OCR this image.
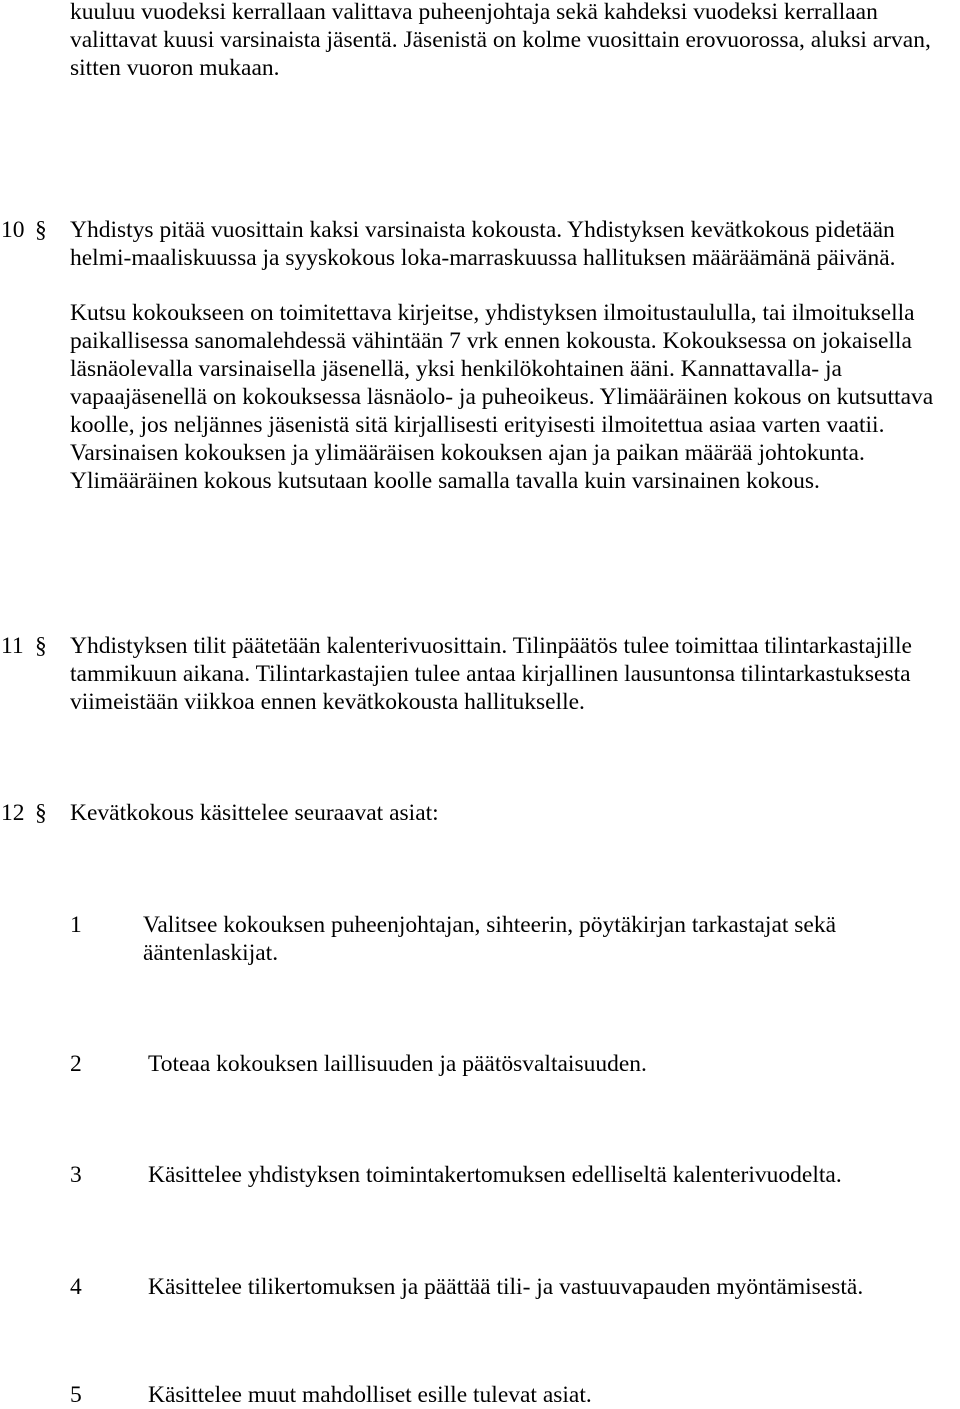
kuuluu vuodeksi kerrallaan valittava puheenjohtaja sekä kahdeksi vuodeksi kerrallaan
valittavat kuusi varsinaista jäsentä. Jäsenistä on kolme vuosittain erovuorossa, aluksi arvan,
sitten vuoron mukaan.
10 § Yhdistys pitää vuosittain kaksi varsinaista kokousta. Yhdistyksen kevätkokous pidetään
helmi-maaliskuussa ja syyskokous loka-marraskuussa hallituksen määräämänä päivänä.
Kutsu kokoukseen on toimitettava kirjeitse, yhdistyksen ilmoitustaululla, tai ilmoituksella
paikallisessa sanomalehdessä vähintään 7 vrk ennen kokousta. Kokouksessa on jokaisella
läsnäolevalla varsinaisella jäsenellä, yksi henkilökohtainen ääni. Kannattavalla- ja
vapaajäsenellä on kokouksessa läsnäolo- ja puheoikeus. Ylimääräinen kokous on kutsuttava
koolle, jos neljännes jäsenistä sitä kirjallisesti erityisesti ilmoitettua asiaa varten vaatii.
Varsinaisen kokouksen ja ylimääräisen kokouksen ajan ja paikan määrää johtokunta.
Ylimääräinen kokous kutsutaan koolle samalla tavalla kuin varsinainen kokous.
11 § Yhdistyksen tilit päätetään kalenterivuosittain. Tilinpäätös tulee toimittaa tilintarkastajille
tammikuun aikana. Tilintarkastajien tulee antaa kirjallinen lausuntonsa tilintarkastuksesta
viimeistään viikkoa ennen kevätkokousta hallitukselle.
12 § Kevätkokous käsittelee seuraavat asiat:
1	Valitsee kokouksen puheenjohtajan, sihteerin, pöytäkirjan tarkastajat sekä
ääntenlaskijat.
2	Toteaa kokouksen laillisuuden ja päätösvaltaisuuden.
3	Käsittelee yhdistyksen toimintakertomuksen edelliseltä kalenterivuodelta.
4	Käsittelee tilikertomuksen ja päättää tili- ja vastuuvapauden myöntämisestä.
5	Käsittelee muut mahdolliset esille tulevat asiat.
